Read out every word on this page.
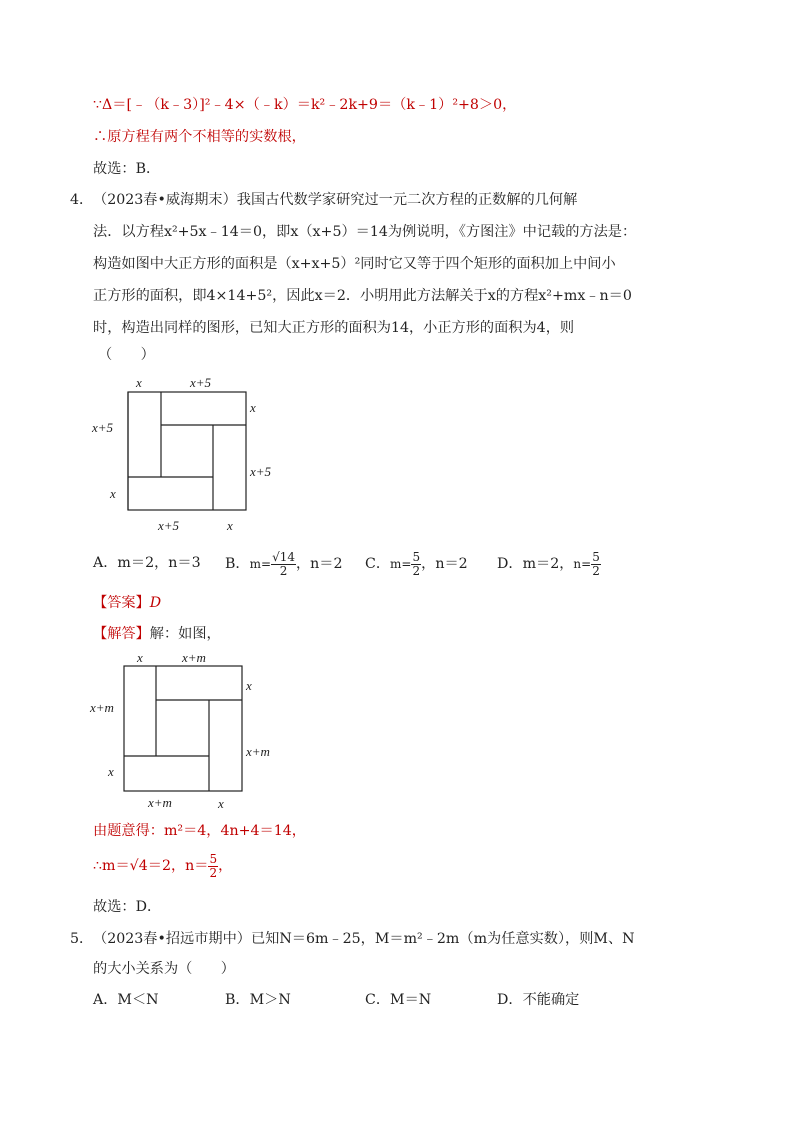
∵Δ＝[﹣（k﹣3）]²﹣4×（﹣k）＝k²﹣2k+9＝（k﹣1）²+8＞0，
∴原方程有两个不相等的实数根，
故选：B．
4． （2023春•威海期末）我国古代数学家研究过一元二次方程的正数解的几何解
法．以方程x²+5x﹣14＝0，即x（x+5）＝14为例说明，《方图注》中记载的方法是：
构造如图中大正方形的面积是（x+x+5）²同时它又等于四个矩形的面积加上中间小
正方形的面积，即4×14+5²，因此x＝2．小明用此方法解关于x的方程x²+mx﹣n＝0
时，构造出同样的图形，已知大正方形的面积为14，小正方形的面积为4，则
（　　）
x	x+5
x
x+5
x+5
x
x+5	x
A．m＝2，n＝3 B．$m= \frac{√14}{2}$ ，n＝2 C．$m= \frac{5}{2}$ ，n＝2 D．m＝2，$n= \frac{5}{2}$
【答案】D
【解答】解：如图，
x	x+m
x
x+m
x+m
x
x+m	x
由题意得：m²＝4，4n+4＝14，
∴m＝√4＝2，$n= \frac{5}{2}$ ，
故选：D．
5． （2023春•招远市期中）已知N＝6m﹣25，M＝m²﹣2m（m为任意实数），则M、N
的大小关系为（　　）
A．M＜N	B．M＞N	C．M＝N	D．不能确定
